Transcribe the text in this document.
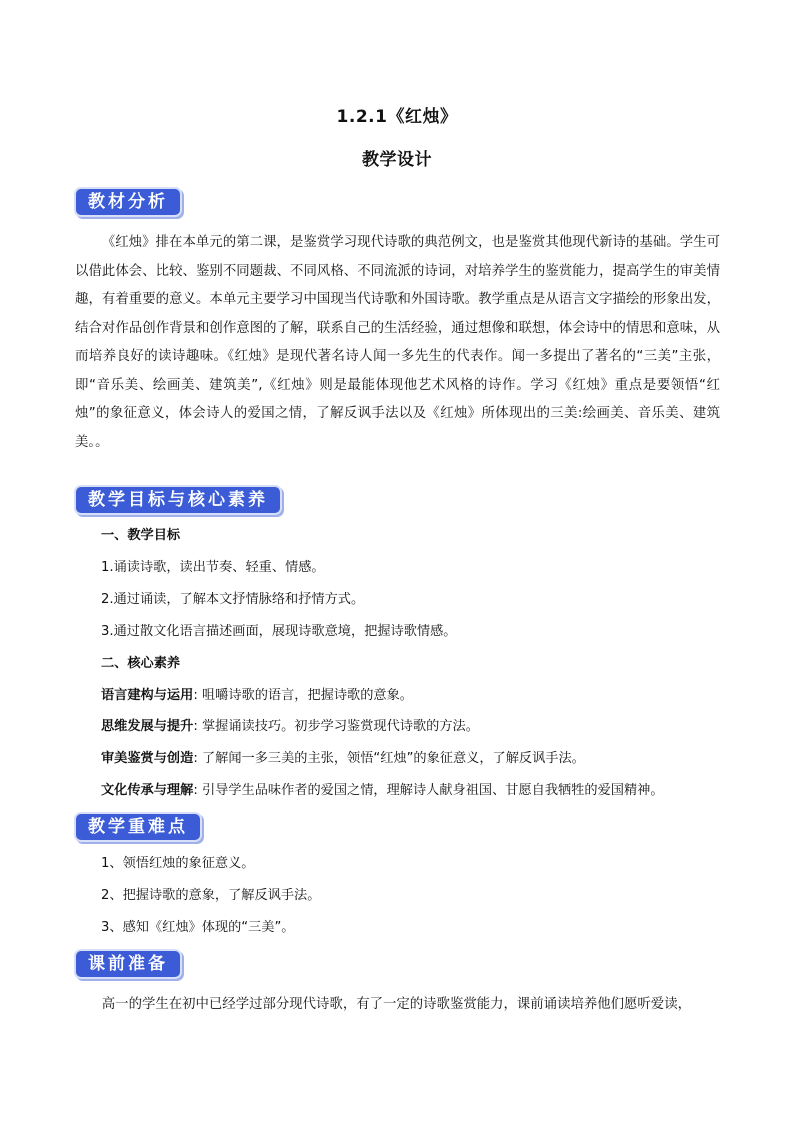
1.2.1《红烛》
教学设计
教材分析

《红烛》排在本单元的第二课，是鉴赏学习现代诗歌的典范例文，也是鉴赏其他现代新诗的基础。学生可以借此体会、比较、鉴别不同题裁、不同风格、不同流派的诗词，对培养学生的鉴赏能力，提高学生的审美情趣，有着重要的意义。本单元主要学习中国现当代诗歌和外国诗歌。教学重点是从语言文字描绘的形象出发，结合对作品创作背景和创作意图的了解，联系自己的生活经验，通过想像和联想，体会诗中的情思和意味，从而培养良好的读诗趣味。《红烛》是现代著名诗人闻一多先生的代表作。闻一多提出了著名的“三美”主张，即“音乐美、绘画美、建筑美”,《红烛》则是最能体现他艺术风格的诗作。学习《红烛》重点是要领悟“红烛”的象征意义，体会诗人的爱国之情，了解反讽手法以及《红烛》所体现出的三美:绘画美、音乐美、建筑美。。

教学目标与核心素养
一、教学目标
1.诵读诗歌，读出节奏、轻重、情感。
2.通过诵读，了解本文抒情脉络和抒情方式。
3.通过散文化语言描述画面，展现诗歌意境，把握诗歌情感。
二、核心素养
语言建构与运用: 咀嚼诗歌的语言，把握诗歌的意象。
思维发展与提升: 掌握诵读技巧。初步学习鉴赏现代诗歌的方法。
审美鉴赏与创造: 了解闻一多三美的主张，领悟“红烛”的象征意义，了解反讽手法。
文化传承与理解: 引导学生品味作者的爱国之情，理解诗人献身祖国、甘愿自我牺牲的爱国精神。
教学重难点
1、领悟红烛的象征意义。
2、把握诗歌的意象，了解反讽手法。
3、感知《红烛》体现的“三美”。
课前准备

高一的学生在初中已经学过部分现代诗歌，有了一定的诗歌鉴赏能力，课前诵读培养他们愿听爱读，
